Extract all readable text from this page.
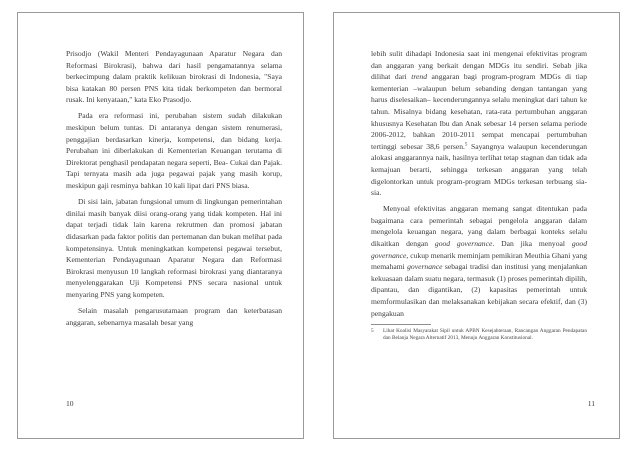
Prisodjo (Wakil Menteri Pendayagunaan Aparatur Negara dan Reformasi Birokrasi), bahwa dari hasil pengamatannya selama berkecimpung dalam praktik kelikuan birokrasi di Indonesia, "Saya bisa katakan 80 persen PNS kita tidak berkompeten dan bermoral rusak. Ini kenyataan," kata Eko Prasodjo.

Pada era reformasi ini, perubahan sistem sudah dilakukan meskipun belum tuntas. Di antaranya dengan sistem renumerasi, penggajian berdasarkan kinerja, kompetensi, dan bidang kerja. Perubahan ini diberlakukan di Kementerian Keuangan terutama di Direktorat penghasil pendapatan negara seperti, Bea- Cukai dan Pajak. Tapi ternyata masih ada juga pegawai pajak yang masih korup, meskipun gaji resminya bahkan 10 kali lipat dari PNS biasa.

Di sisi lain, jabatan fungsional umum di lingkungan pemerintahan dinilai masih banyak diisi orang-orang yang tidak kompeten. Hal ini dapat terjadi tidak lain karena rekrutmen dan promosi jabatan didasarkan pada faktor politis dan pertemanan dan bukan melihat pada kompetensinya. Untuk meningkatkan kompetensi pegawai tersebut, Kementerian Pendayagunaan Aparatur Negara dan Reformasi Birokrasi menyusun 10 langkah reformasi birokrasi yang diantaranya menyelenggarakan Uji Kompetensi PNS secara nasional untuk menyaring PNS yang kompeten.

Selain masalah pengarusutamaan program dan keterbatasan anggaran, sebenarnya masalah besar yang

10

lebih sulit dihadapi Indonesia saat ini mengenai efektivitas program dan anggaran yang berkait dengan MDGs itu sendiri. Sebab jika dilihat dari trend anggaran bagi program-program MDGs di tiap kementerian –walaupun belum sebanding dengan tantangan yang harus diselesaikan– kecenderungannya selalu meningkat dari tahun ke tahun. Misalnya bidang kesehatan, rata-rata pertumbuhan anggaran khususnya Kesehatan Ibu dan Anak sebesar 14 persen selama periode 2006-2012, bahkan 2010-2011 sempat mencapai pertumbuhan tertinggi sebesar 38,6 persen.$^5$ Sayangnya walaupun kecenderungan alokasi anggarannya naik, hasilnya terlihat tetap stagnan dan tidak ada kemajuan berarti, sehingga terkesan anggaran yang telah digelontorkan untuk program-program MDGs terkesan terbuang sia-sia.

Menyoal efektivitas anggaran memang sangat ditentukan pada bagaimana cara pemerintah sebagai pengelola anggaran dalam mengelola keuangan negara, yang dalam berbagai konteks selalu dikaitkan dengan good governance. Dan jika menyoal good governance, cukup menarik meminjam pemikiran Meuthia Ghani yang memahami governance sebagai tradisi dan institusi yang menjalankan kekuasaan dalam suatu negara, termasuk (1) proses pemerintah dipilih, dipantau, dan digantikan, (2) kapasitas pemerintah untuk memformulasikan dan melaksanakan kebijakan secara efektif, dan (3) pengakuan

5	Lihat Koalisi Masyarakat Sipil untuk APBN Kesejahteraan, Rancangan Anggaran Pendapatan dan Belanja Negara Alternatif 2013, Menuju Anggaran Konstitusional.
11
